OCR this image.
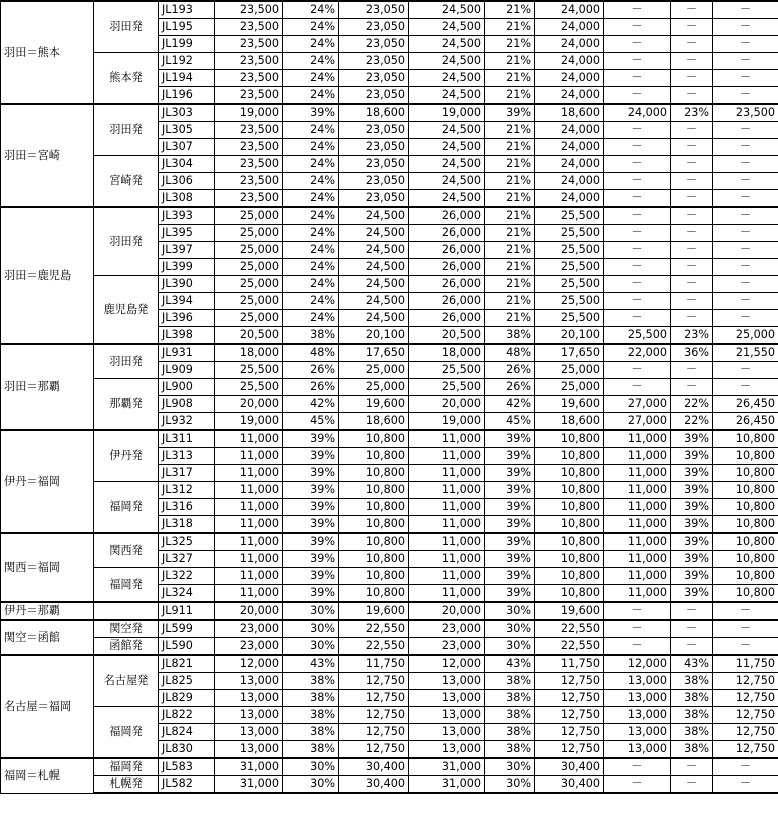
羽田＝熊本	羽田発	JL193	23,500	24%	23,050	24,500	21%	24,000	－	－	－
		JL195	23,500	24%	23,050	24,500	21%	24,000	－	－	－
		JL199	23,500	24%	23,050	24,500	21%	24,000	－	－	－
	熊本発	JL192	23,500	24%	23,050	24,500	21%	24,000	－	－	－
		JL194	23,500	24%	23,050	24,500	21%	24,000	－	－	－
		JL196	23,500	24%	23,050	24,500	21%	24,000	－	－	－
羽田＝宮崎	羽田発	JL303	19,000	39%	18,600	19,000	39%	18,600	24,000	23%	23,500
		JL305	23,500	24%	23,050	24,500	21%	24,000	－	－	－
		JL307	23,500	24%	23,050	24,500	21%	24,000	－	－	－
	宮崎発	JL304	23,500	24%	23,050	24,500	21%	24,000	－	－	－
		JL306	23,500	24%	23,050	24,500	21%	24,000	－	－	－
		JL308	23,500	24%	23,050	24,500	21%	24,000	－	－	－
羽田＝鹿児島	羽田発	JL393	25,000	24%	24,500	26,000	21%	25,500	－	－	－
		JL395	25,000	24%	24,500	26,000	21%	25,500	－	－	－
		JL397	25,000	24%	24,500	26,000	21%	25,500	－	－	－
		JL399	25,000	24%	24,500	26,000	21%	25,500	－	－	－
	鹿児島発	JL390	25,000	24%	24,500	26,000	21%	25,500	－	－	－
		JL394	25,000	24%	24,500	26,000	21%	25,500	－	－	－
		JL396	25,000	24%	24,500	26,000	21%	25,500	－	－	－
		JL398	20,500	38%	20,100	20,500	38%	20,100	25,500	23%	25,000
羽田＝那覇	羽田発	JL931	18,000	48%	17,650	18,000	48%	17,650	22,000	36%	21,550
		JL909	25,500	26%	25,000	25,500	26%	25,000	－	－	－
	那覇発	JL900	25,500	26%	25,000	25,500	26%	25,000	－	－	－
		JL908	20,000	42%	19,600	20,000	42%	19,600	27,000	22%	26,450
		JL932	19,000	45%	18,600	19,000	45%	18,600	27,000	22%	26,450
伊丹＝福岡	伊丹発	JL311	11,000	39%	10,800	11,000	39%	10,800	11,000	39%	10,800
		JL313	11,000	39%	10,800	11,000	39%	10,800	11,000	39%	10,800
		JL317	11,000	39%	10,800	11,000	39%	10,800	11,000	39%	10,800
	福岡発	JL312	11,000	39%	10,800	11,000	39%	10,800	11,000	39%	10,800
		JL316	11,000	39%	10,800	11,000	39%	10,800	11,000	39%	10,800
		JL318	11,000	39%	10,800	11,000	39%	10,800	11,000	39%	10,800
関西＝福岡	関西発	JL325	11,000	39%	10,800	11,000	39%	10,800	11,000	39%	10,800
		JL327	11,000	39%	10,800	11,000	39%	10,800	11,000	39%	10,800
	福岡発	JL322	11,000	39%	10,800	11,000	39%	10,800	11,000	39%	10,800
		JL324	11,000	39%	10,800	11,000	39%	10,800	11,000	39%	10,800
伊丹＝那覇		JL911	20,000	30%	19,600	20,000	30%	19,600	－	－	－
関空＝函館	関空発	JL599	23,000	30%	22,550	23,000	30%	22,550	－	－	－
	函館発	JL590	23,000	30%	22,550	23,000	30%	22,550	－	－	－
名古屋＝福岡	名古屋発	JL821	12,000	43%	11,750	12,000	43%	11,750	12,000	43%	11,750
		JL825	13,000	38%	12,750	13,000	38%	12,750	13,000	38%	12,750
		JL829	13,000	38%	12,750	13,000	38%	12,750	13,000	38%	12,750
	福岡発	JL822	13,000	38%	12,750	13,000	38%	12,750	13,000	38%	12,750
		JL824	13,000	38%	12,750	13,000	38%	12,750	13,000	38%	12,750
		JL830	13,000	38%	12,750	13,000	38%	12,750	13,000	38%	12,750
福岡＝札幌	福岡発	JL583	31,000	30%	30,400	31,000	30%	30,400	－	－	－
	札幌発	JL582	31,000	30%	30,400	31,000	30%	30,400	－	－	－
